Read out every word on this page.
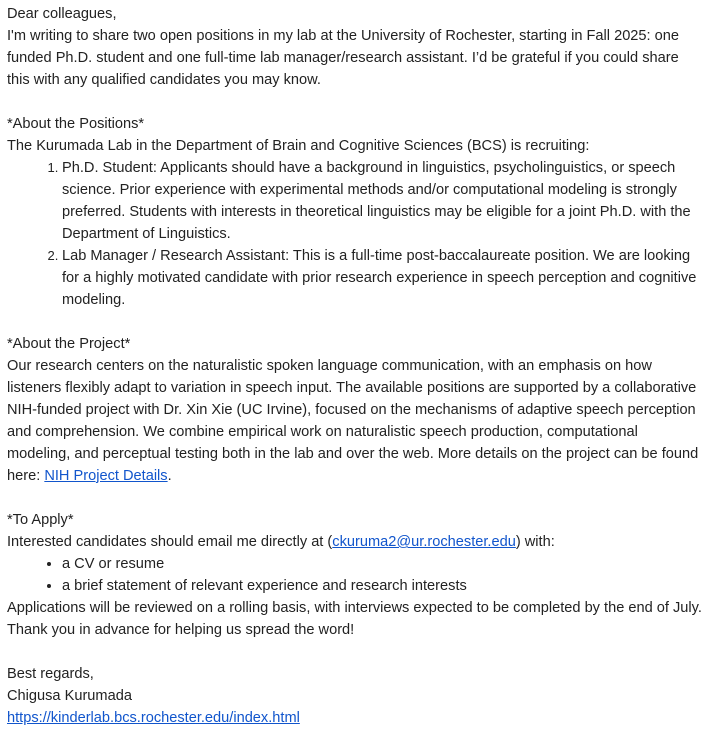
Dear colleagues,

I'm writing to share two open positions in my lab at the University of Rochester, starting in Fall 2025: one funded Ph.D. student and one full-time lab manager/research assistant. I’d be grateful if you could share this with any qualified candidates you may know.

*About the Positions*

The Kurumada Lab in the Department of Brain and Cognitive Sciences (BCS) is recruiting:

1. Ph.D. Student: Applicants should have a background in linguistics, psycholinguistics, or speech science. Prior experience with experimental methods and/or computational modeling is strongly preferred. Students with interests in theoretical linguistics may be eligible for a joint Ph.D. with the Department of Linguistics.
2. Lab Manager / Research Assistant: This is a full-time post-baccalaureate position. We are looking for a highly motivated candidate with prior research experience in speech perception and cognitive modeling.

*About the Project*

Our research centers on the naturalistic spoken language communication, with an emphasis on how listeners flexibly adapt to variation in speech input. The available positions are supported by a collaborative NIH-funded project with Dr. Xin Xie (UC Irvine), focused on the mechanisms of adaptive speech perception and comprehension. We combine empirical work on naturalistic speech production, computational modeling, and perceptual testing both in the lab and over the web. More details on the project can be found here: NIH Project Details.

*To Apply*

Interested candidates should email me directly at (ckuruma2@ur.rochester.edu) with:

• a CV or resume
• a brief statement of relevant experience and research interests

Applications will be reviewed on a rolling basis, with interviews expected to be completed by the end of July.

Thank you in advance for helping us spread the word!

Best regards,

Chigusa Kurumada

https://kinderlab.bcs.rochester.edu/index.html
